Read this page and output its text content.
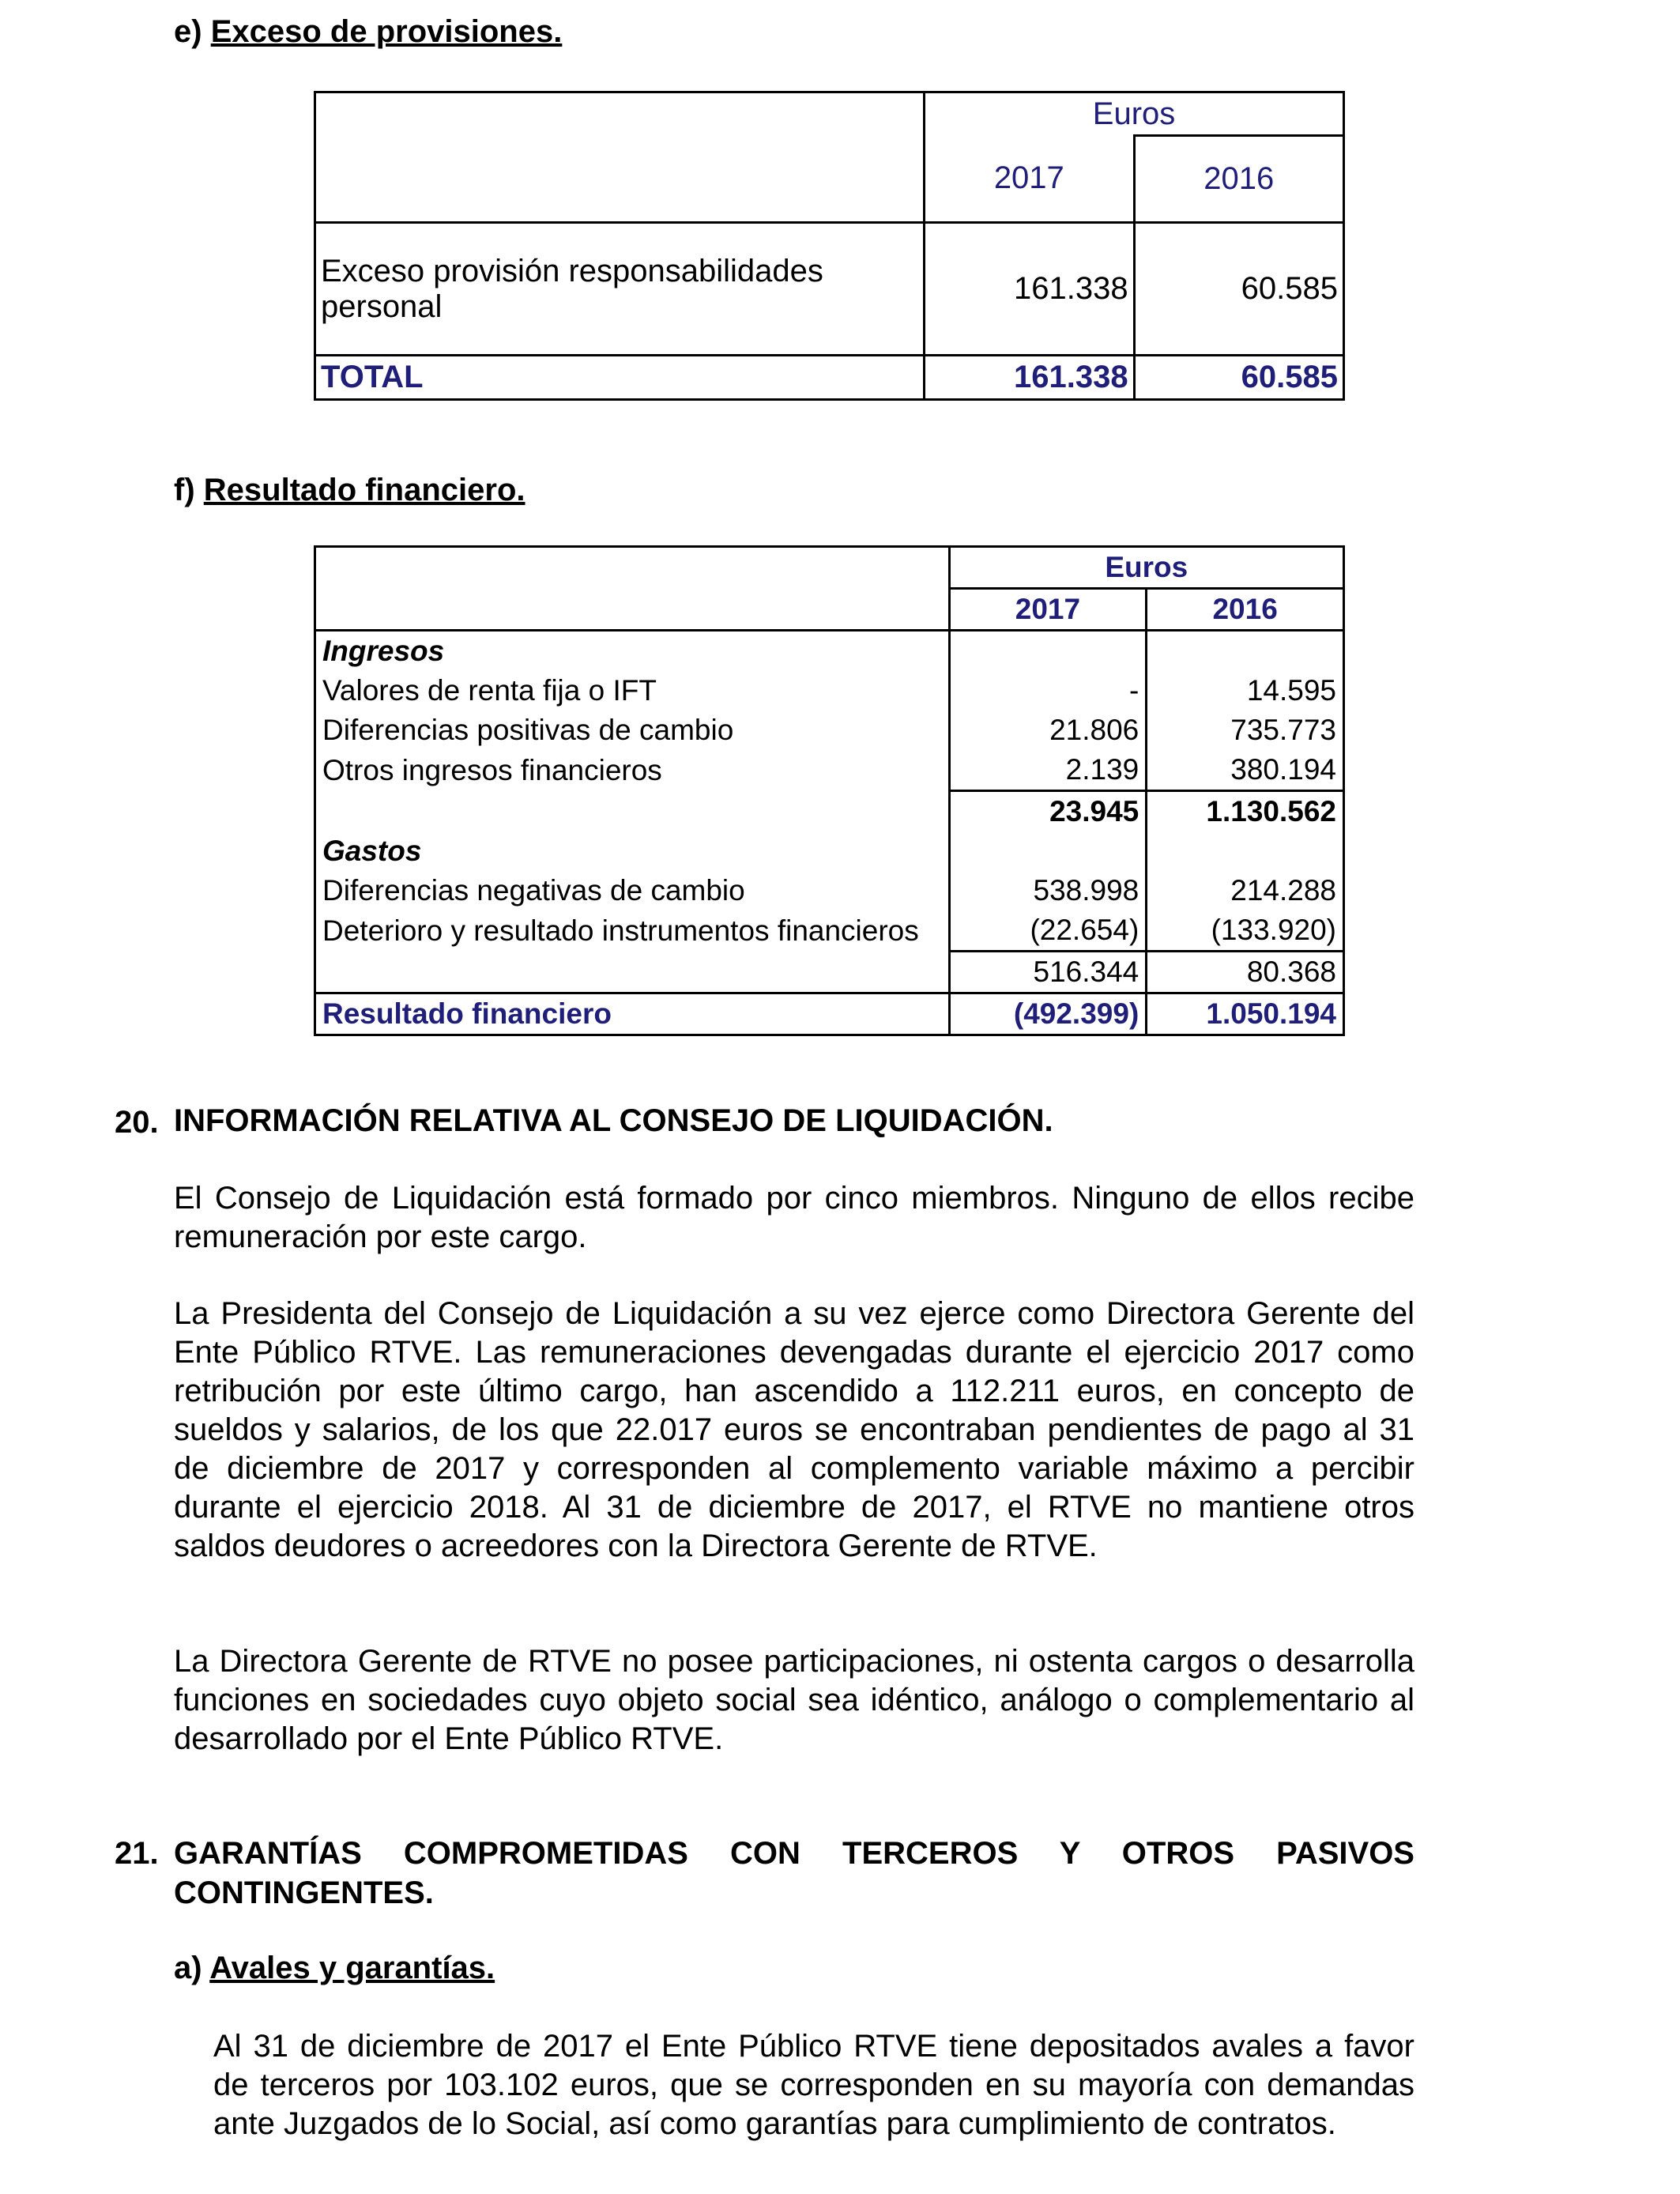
e) Exceso de provisiones.
	Euros	
	2017	2016
Exceso provisión responsabilidades personal	161.338	60.585
TOTAL	161.338	60.585
f) Resultado financiero.
	Euros	
	2017	2016
Ingresos		
Valores de renta fija o IFT	-	14.595
Diferencias positivas de cambio	21.806	735.773
Otros ingresos financieros	2.139	380.194
	23.945	1.130.562
Gastos		
Diferencias negativas de cambio	538.998	214.288
Deterioro y resultado instrumentos financieros	(22.654)	(133.920)
	516.344	80.368
Resultado financiero	(492.399)	1.050.194
20. INFORMACIÓN RELATIVA AL CONSEJO DE LIQUIDACIÓN.
El Consejo de Liquidación está formado por cinco miembros. Ninguno de ellos recibe remuneración por este cargo.
La Presidenta del Consejo de Liquidación a su vez ejerce como Directora Gerente del Ente Público RTVE. Las remuneraciones devengadas durante el ejercicio 2017 como retribución por este último cargo, han ascendido a 112.211 euros, en concepto de sueldos y salarios, de los que 22.017 euros se encontraban pendientes de pago al 31 de diciembre de 2017 y corresponden al complemento variable máximo a percibir durante el ejercicio 2018. Al 31 de diciembre de 2017, el RTVE no mantiene otros saldos deudores o acreedores con la Directora Gerente de RTVE.
La Directora Gerente de RTVE no posee participaciones, ni ostenta cargos o desarrolla funciones en sociedades cuyo objeto social sea idéntico, análogo o complementario al desarrollado por el Ente Público RTVE.
21. GARANTÍAS COMPROMETIDAS CON TERCEROS Y OTROS PASIVOS CONTINGENTES.
a) Avales y garantías.
Al 31 de diciembre de 2017 el Ente Público RTVE tiene depositados avales a favor de terceros por 103.102 euros, que se corresponden en su mayoría con demandas ante Juzgados de lo Social, así como garantías para cumplimiento de contratos.
